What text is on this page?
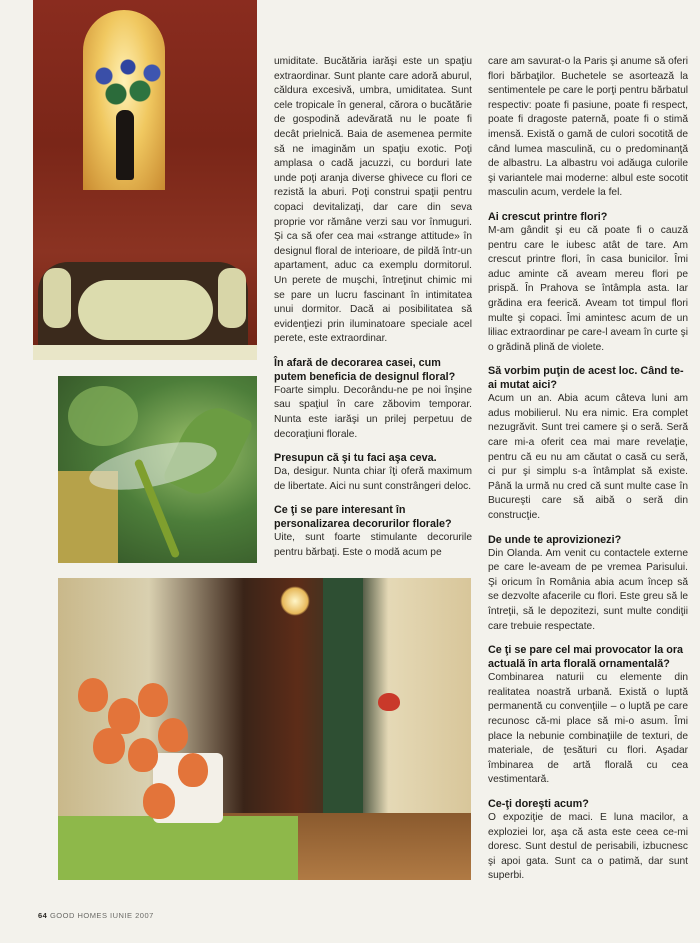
umiditate. Bucătăria iarăşi este un spaţiu extraordinar. Sunt plante care adoră aburul, căldura excesivă, umbra, umiditatea. Sunt cele tropicale în general, cărora o bucătărie de gospodină adevărată nu le poate fi decât prielnică. Baia de asemenea permite să ne imaginăm un spaţiu exotic. Poţi amplasa o cadă jacuzzi, cu borduri late unde poţi aranja diverse ghivece cu flori ce rezistă la aburi. Poţi construi spaţii pentru copaci devitalizaţi, dar care din seva proprie vor rămâne verzi sau vor înmuguri. Şi ca să ofer cea mai «strange attitude» în designul floral de interioare, de pildă într-un apartament, aduc ca exemplu dormitorul. Un perete de muşchi, întreţinut chimic mi se pare un lucru fascinant în intimitatea unui dormitor. Dacă ai posibilitatea să evidenţiezi prin iluminatoare speciale acel perete, este extraordinar.

În afară de decorarea casei, cum putem beneficia de designul floral?

Foarte simplu. Decorându-ne pe noi înşine sau spaţiul în care zăbovim temporar. Nunta este iarăşi un prilej perpetuu de decoraţiuni florale.

Presupun că şi tu faci aşa ceva.

Da, desigur. Nunta chiar îţi oferă maximum de libertate. Aici nu sunt constrângeri deloc.

Ce ţi se pare interesant în personalizarea decorurilor florale?

Uite, sunt foarte stimulante decorurile pentru bărbaţi. Este o modă acum pe

care am savurat-o la Paris şi anume să oferi flori bărbaţilor. Buchetele se asortează la sentimentele pe care le porţi pentru bărbatul respectiv: poate fi pasiune, poate fi respect, poate fi dragoste paternă, poate fi o stimă imensă. Există o gamă de culori socotită de când lumea masculină, cu o predominanţă de albastru. La albastru voi adăuga culorile şi variantele mai moderne: albul este socotit masculin acum, verdele la fel.

Ai crescut printre flori?

M-am gândit şi eu că poate fi o cauză pentru care le iubesc atât de tare. Am crescut printre flori, în casa bunicilor. Îmi aduc aminte că aveam mereu flori pe prispă. În Prahova se întâmpla asta. Iar grădina era feerică. Aveam tot timpul flori multe şi copaci. Îmi amintesc acum de un liliac extraordinar pe care-l aveam în curte şi o grădină plină de violete.

Să vorbim puţin de acest loc. Când te-ai mutat aici?

Acum un an. Abia acum câteva luni am adus mobilierul. Nu era nimic. Era complet nezugrăvit. Sunt trei camere şi o seră. Seră care mi-a oferit cea mai mare revelaţie, pentru că eu nu am căutat o casă cu seră, ci pur şi simplu s-a întâmplat să existe. Până la urmă nu cred că sunt multe case în Bucureşti care să aibă o seră din construcţie.

De unde te aprovizionezi?

Din Olanda. Am venit cu contactele externe pe care le-aveam de pe vremea Parisului. Şi oricum în România abia acum încep să se dezvolte afacerile cu flori. Este greu să le întreţii, să le depozitezi, sunt multe condiţii care trebuie respectate.

Ce ţi se pare cel mai provocator la ora actuală în arta florală ornamentală?

Combinarea naturii cu elemente din realitatea noastră urbană. Există o luptă permanentă cu convenţiile – o luptă pe care recunosc că-mi place să mi-o asum. Îmi place la nebunie combinaţiile de texturi, de materiale, de ţesături cu flori. Aşadar îmbinarea de artă florală cu cea vestimentară.

Ce-ţi doreşti acum?

O expoziţie de maci. E luna macilor, a exploziei lor, aşa că asta este ceea ce-mi doresc. Sunt destul de perisabili, izbucnesc şi apoi gata. Sunt ca o patimă, dar sunt superbi.

64 GOOD HOMES IUNIE 2007
